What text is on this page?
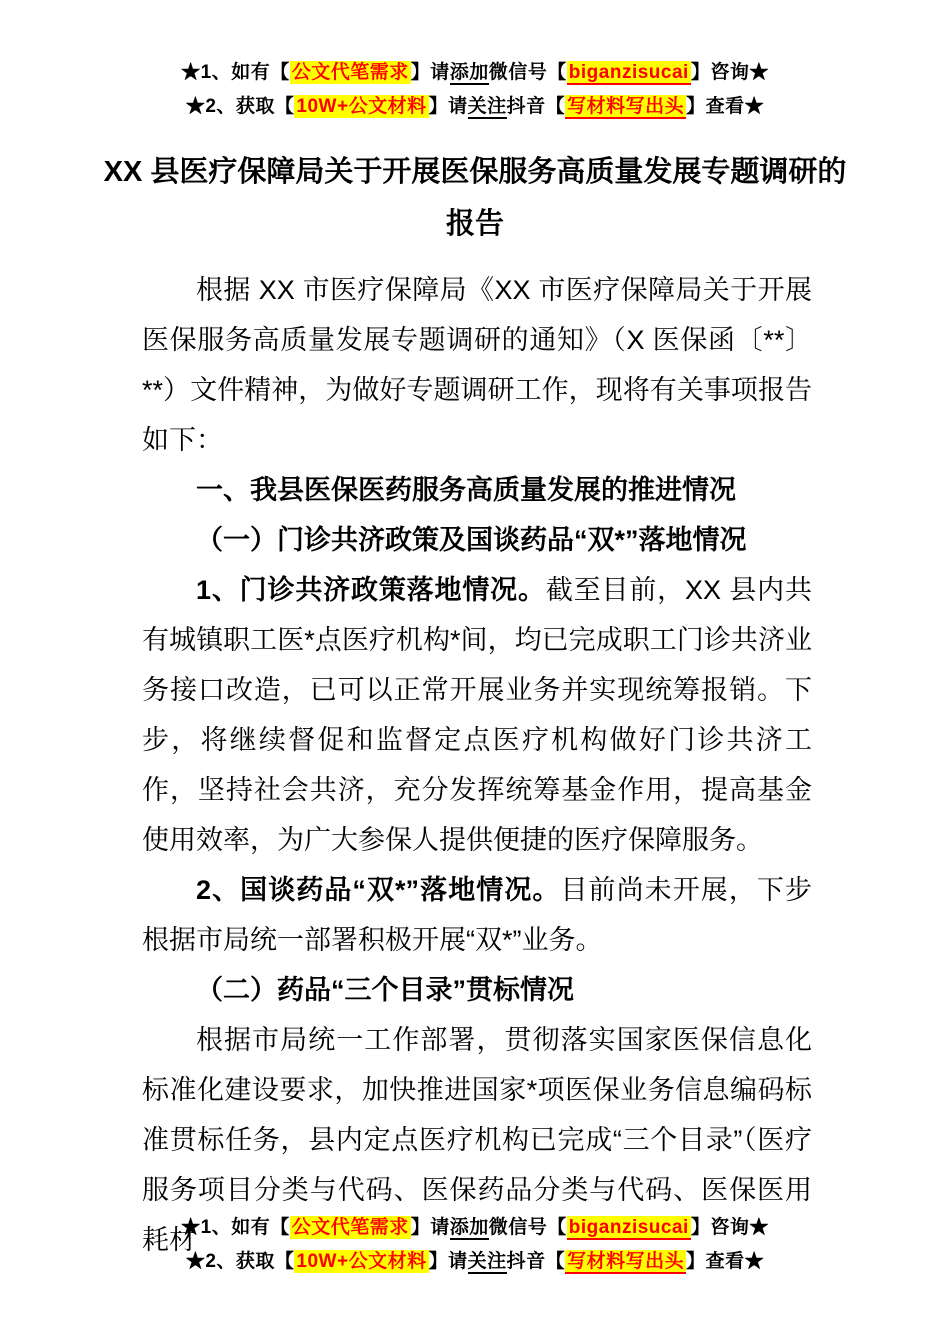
★1、如有【 公文代笔需求 】请添加微信号【 biganzisucai 】咨询★
★2、获取【 10W+公文材料 】请关注抖音【 写材料写出头 】查看★
XX 县医疗保障局关于开展医保服务高质量发展专题调研的
报告

根据 XX 市医疗保障局《XX 市医疗保障局关于开展医保服务高质量发展专题调研的通知》（X 医保函〔**〕**）文件精神，为做好专题调研工作，现将有关事项报告如下：

一、我县医保医药服务高质量发展的推进情况

（一）门诊共济政策及国谈药品“双*”落地情况

1、门诊共济政策落地情况。截至目前，XX 县内共有城镇职工医*点医疗机构*间，均已完成职工门诊共济业务接口改造，已可以正常开展业务并实现统筹报销。下步，将继续督促和监督定点医疗机构做好门诊共济工作，坚持社会共济，充分发挥统筹基金作用，提高基金使用效率，为广大参保人提供便捷的医疗保障服务。

2、国谈药品“双*”落地情况。目前尚未开展，下步根据市局统一部署积极开展“双*”业务。

（二）药品“三个目录”贯标情况

根据市局统一工作部署，贯彻落实国家医保信息化标准化建设要求，加快推进国家*项医保业务信息编码标准贯标任务，县内定点医疗机构已完成“三个目录”（医疗服务项目分类与代码、医保药品分类与代码、医保医用耗材

★1、如有【 公文代笔需求 】请添加微信号【 biganzisucai 】咨询★
★2、获取【 10W+公文材料 】请关注抖音【 写材料写出头 】查看★
